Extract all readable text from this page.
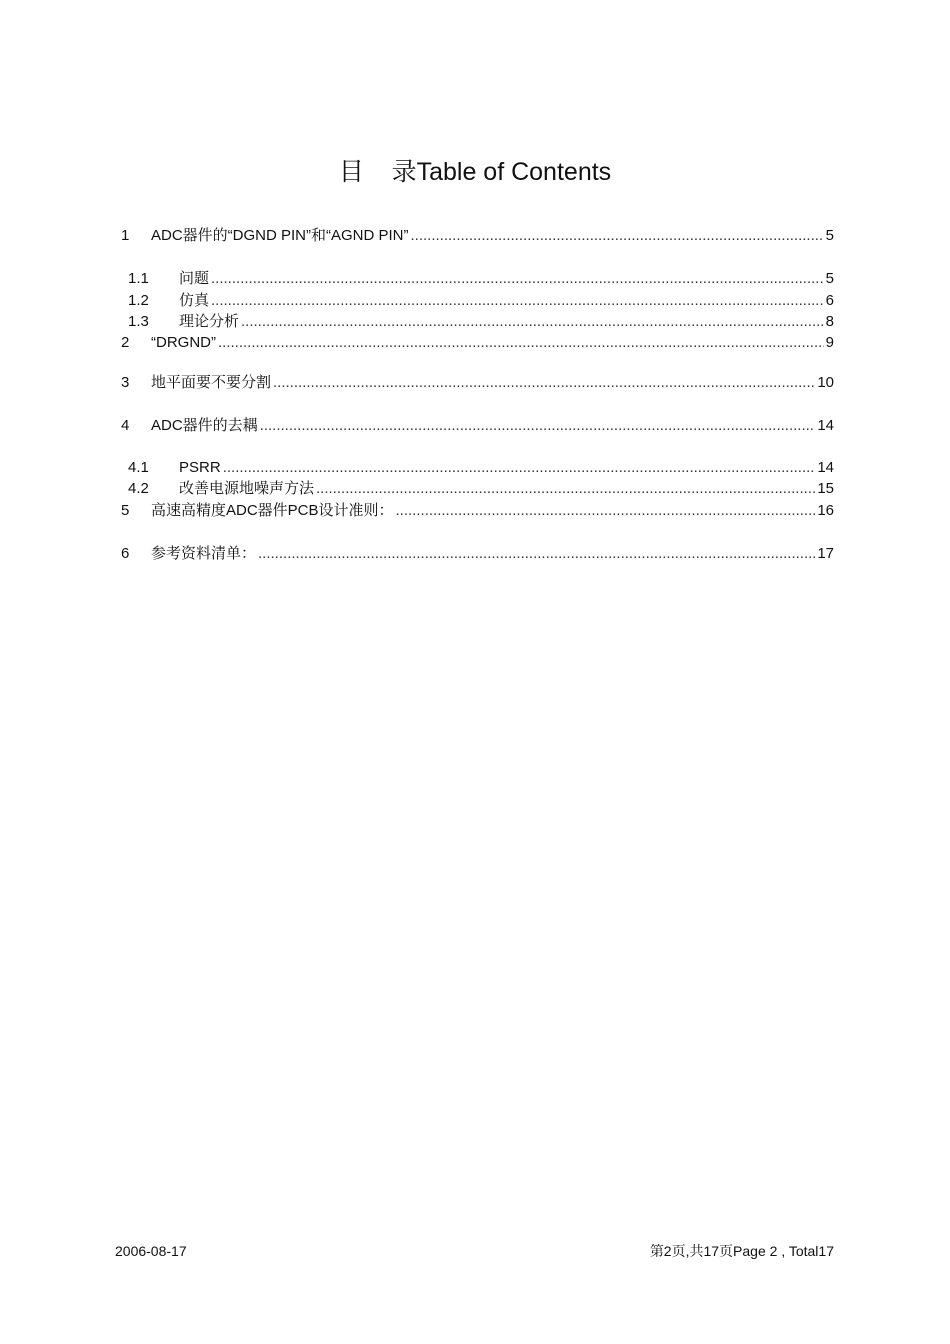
目    录Table of Contents
1	ADC器件的“DGND PIN”和“AGND PIN” .....	5
1.1	问题 .....	5
1.2	仿真 .....	6
1.3	理论分析 .....	8
2	“DRGND” .....	9
3	地平面要不要分割 .....	10
4	ADC器件的去耦 .....	14
4.1	PSRR .....	14
4.2	改善电源地噪声方法 .....	15
5	高速高精度ADC器件PCB设计准则： .....	16
6	参考资料清单： .....	17
2006-08-17	第2页,共17页Page 2 , Total17
